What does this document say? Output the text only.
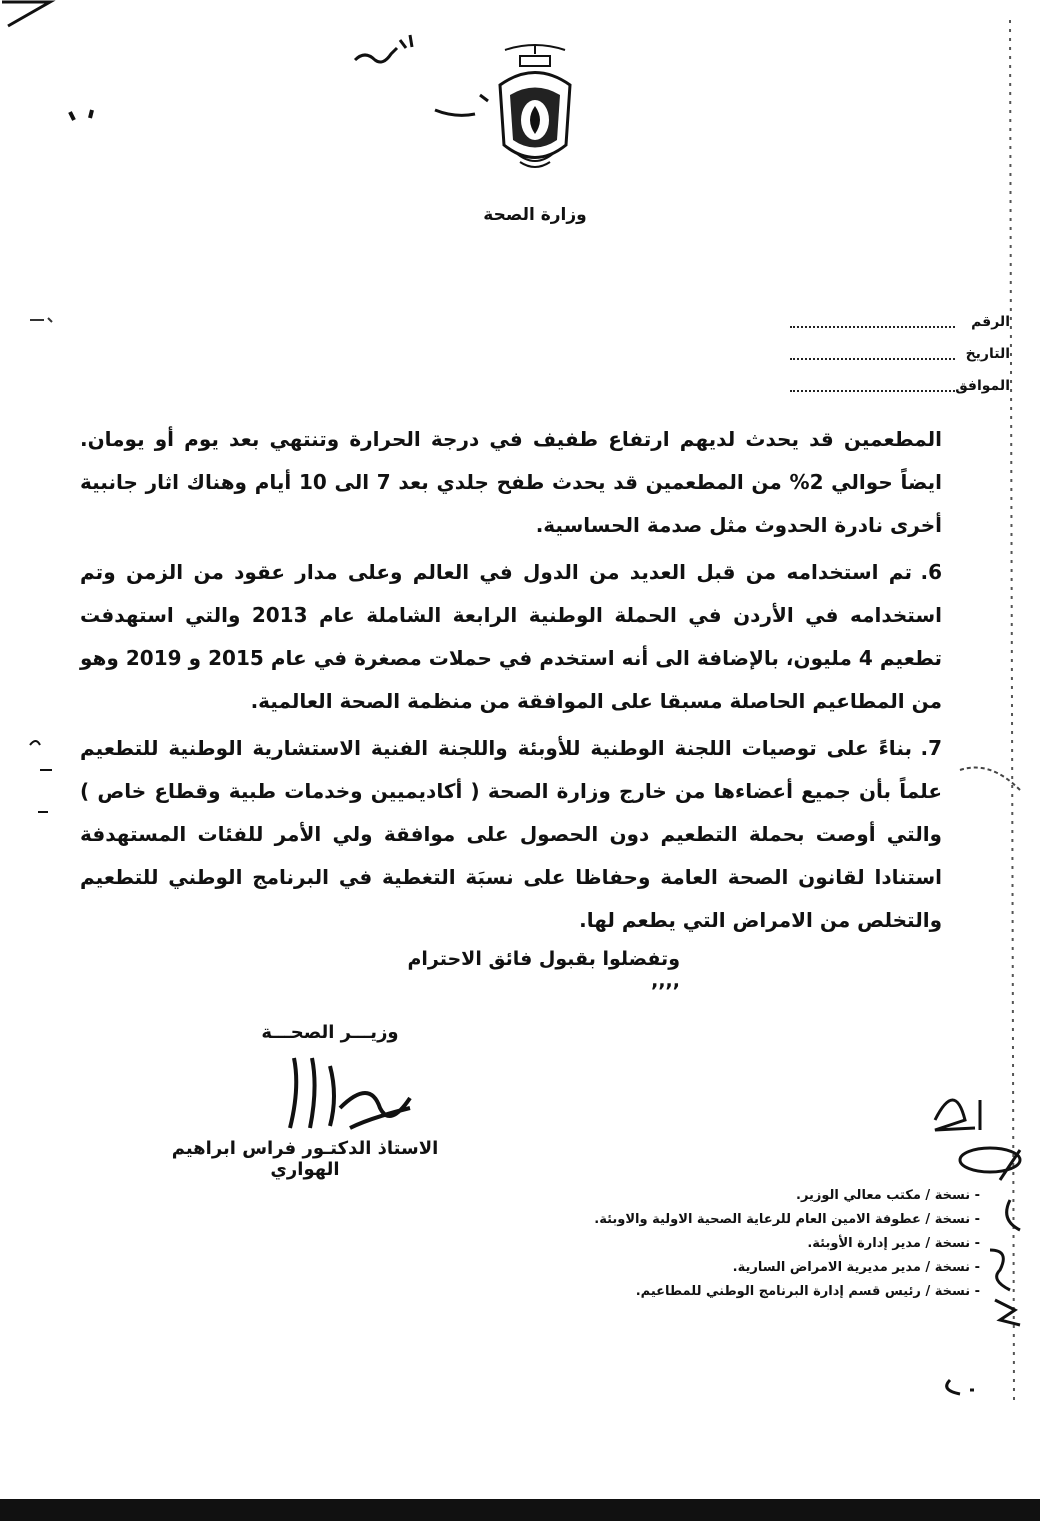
وزارة الصحة
الرقم
التاريخ
الموافق

المطعمين قد يحدث لديهم ارتفاع طفيف في درجة الحرارة وتنتهي بعد يوم أو يومان. ايضاً حوالي 2% من المطعمين قد يحدث طفح جلدي بعد 7 الى 10 أيام وهناك اثار جانبية أخرى نادرة الحدوث مثل صدمة الحساسية.

6.تم استخدامه من قبل العديد من الدول في العالم وعلى مدار عقود من الزمن وتم استخدامه في الأردن في الحملة الوطنية الرابعة الشاملة عام 2013 والتي استهدفت تطعيم 4 مليون، بالإضافة الى أنه استخدم في حملات مصغرة في عام 2015 و 2019 وهو من المطاعيم الحاصلة مسبقا على الموافقة من منظمة الصحة العالمية.

7.بناءً على توصيات اللجنة الوطنية للأوبئة واللجنة الفنية الاستشارية الوطنية للتطعيم علماً بأن جميع أعضاءها من خارج وزارة الصحة ( أكاديميين وخدمات طبية وقطاع خاص ) والتي أوصت بحملة التطعيم دون الحصول على موافقة ولي الأمر للفئات المستهدفة استنادا لقانون الصحة العامة وحفاظا على نسبَة التغطية في البرنامج الوطني للتطعيم والتخلص من الامراض التي يطعم لها.

وتفضلوا بقبول فائق الاحترام ,,,,
وزيـــر الصحـــة
الاستاذ الدكتـور فراس ابراهيم الهواري
- نسخة / مكتب معالي الوزير.
- نسخة / عطوفة الامين العام للرعاية الصحية الاولية والاوبئة.
- نسخة / مدير إدارة الأوبئة.
- نسخة / مدير مديرية الامراض السارية.
- نسخة / رئيس قسم إدارة البرنامج الوطني للمطاعيم.
